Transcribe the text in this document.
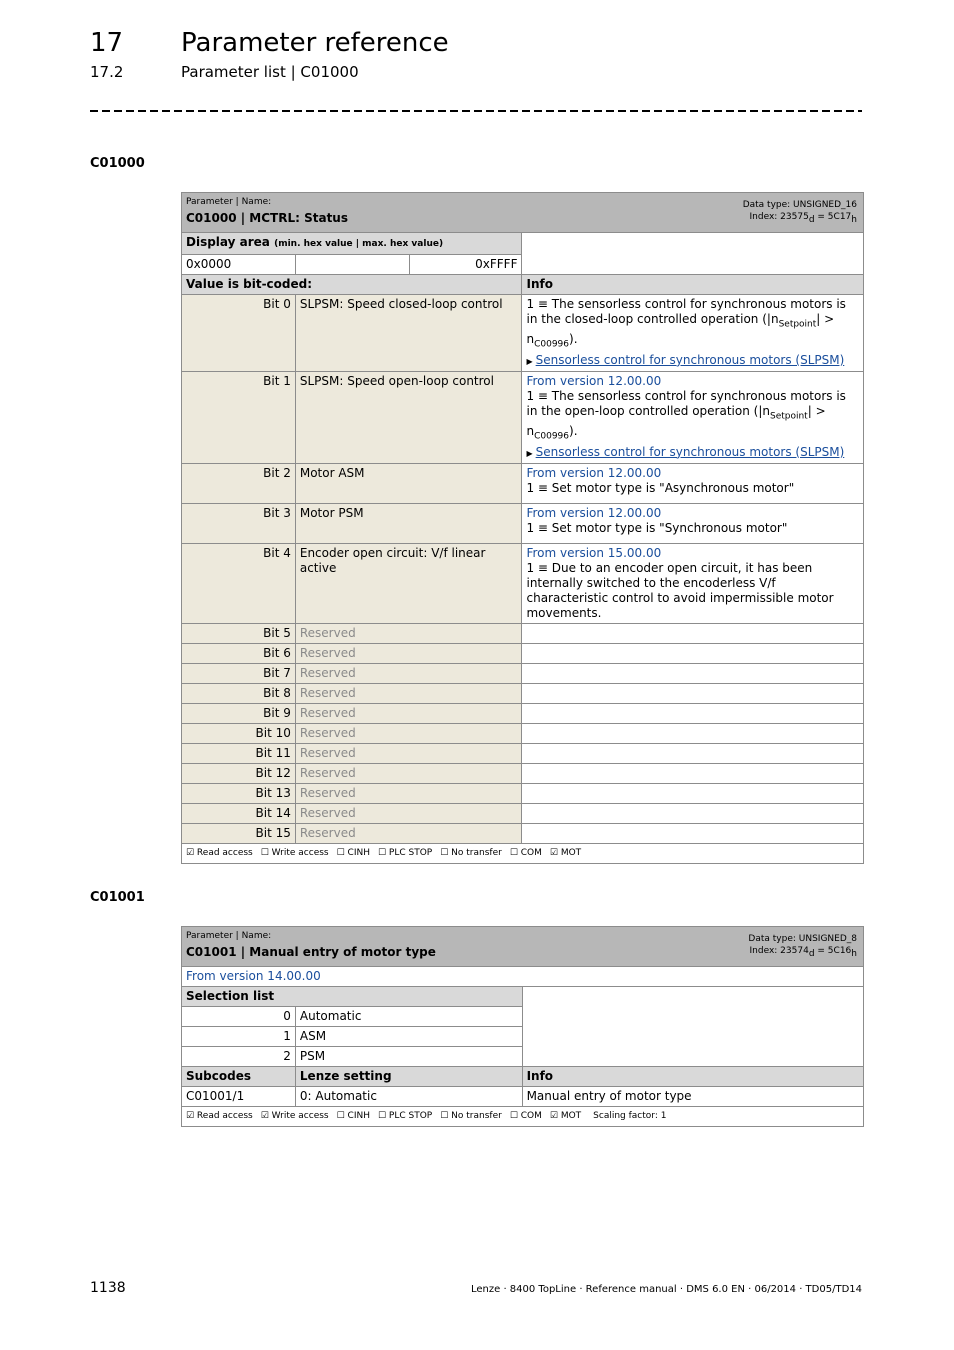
17 Parameter reference
17.2	Parameter list | C01000
C01000
Parameter | Name:
C01000 | MCTRL: Status
Data type: UNSIGNED_16
Index: $23575_d = 5C17_h$

Display area (min. hex value | max. hex value)			
0x0000		0xFFFF	
Value is bit-coded:			Info
Bit 0	SLPSM: Speed closed-loop control		1 ≡ The sensorless control for synchronous motors is in the closed-loop controlled operation $(|n_{Setpoint}| > n_{C00996})$.
▶ Sensorless control for synchronous motors (SLPSM)

Bit 1	SLPSM: Speed open-loop control		From version 12.00.00
1 ≡ The sensorless control for synchronous motors is in the open-loop controlled operation $(|n_{Setpoint}| > n_{C00996})$.
▶ Sensorless control for synchronous motors (SLPSM)

Bit 2	Motor ASM		From version 12.00.00
1 ≡ Set motor type is "Asynchronous motor"

Bit 3	Motor PSM		From version 12.00.00
1 ≡ Set motor type is "Synchronous motor"

Bit 4	Encoder open circuit: V/f linear active		From version 15.00.00
1 ≡ Due to an encoder open circuit, it has been internally switched to the encoderless V/f characteristic control to avoid impermissible motor movements.

Bit 5	Reserved		
Bit 6	Reserved		
Bit 7	Reserved		
Bit 8	Reserved		
Bit 9	Reserved		
Bit 10	Reserved		
Bit 11	Reserved		
Bit 12	Reserved		
Bit 13	Reserved		
Bit 14	Reserved		
Bit 15	Reserved		
☑ Read access ☐ Write access ☐ CINH ☐ PLC STOP ☐ No transfer ☐ COM ☑ MOT			
C01001
Parameter | Name:
C01001 | Manual entry of motor type
Data type: UNSIGNED_8
Index: $23574_d = 5C16_h$

From version 14.00.00		
Selection list		
0	Automatic	
1	ASM	
2	PSM	
Subcodes	Lenze setting	Info
C01001/1	0: Automatic	Manual entry of motor type
☑ Read access ☑ Write access ☐ CINH ☐ PLC STOP ☐ No transfer ☐ COM ☑ MOT Scaling factor: 1		
1138	Lenze · 8400 TopLine · Reference manual · DMS 6.0 EN · 06/2014 · TD05/TD14
